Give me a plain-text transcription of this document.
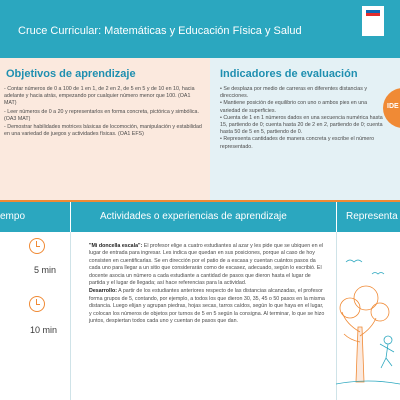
Cruce Curricular: Matemáticas y Educación Física y Salud
Objetivos de aprendizaje
- Contar números de 0 a 100 de 1 en 1, de 2 en 2, de 5 en 5 y de 10 en 10, hacia adelante y hacia atrás, empezando por cualquier número menor que 100. (OA1 MAT)
- Leer números de 0 a 20 y representarlos en forma concreta, pictórica y simbólica. (OA3 MAT)
- Demostrar habilidades motrices básicas de locomoción, manipulación y estabilidad en una variedad de juegos y actividades físicas. (OA1 EFS)
Indicadores de evaluación
• Se desplaza por medio de carreras en diferentes distancias y direcciones.
• Mantiene posición de equilibrio con uno o ambos pies en una variedad de superficies.
• Cuenta de 1 en 1 números dados en una secuencia numérica hasta 15, partiendo de 0; cuenta hasta 20 de 2 en 2, partiendo de 0; cuenta hasta 50 de 5 en 5, partiendo de 0.
• Representa cantidades de manera concreta y escribe el número representado.
IDE
empo	Actividades o experiencias de aprendizaje	Representa
5 min
10 min

"Mi doncella escala": El profesor elige a cuatro estudiantes al azar y les pide que se ubiquen en el lugar de entrada para ingresar. Les indica que quedan en sus posiciones, porque al caso de hoy consisten en cuentificarlas. Se en dirección por el patio de a escasa y cuentan cuántos pasos da cada uno para llegar a un sitio que considerarán como de escasez, adecuado, según lo escribió. El docente asocia un número a cada estudiante a cantidad de pasos que dieron hasta el lugar de partida y el lugar de llegada; así hace referencias para la actividad.

Desarrollo: A partir de los estudiantes anteriores respecto de las distancias alcanzadas, el profesor forma grupos de 5, contando, por ejemplo, a todos los que dieron 30, 35, 45 o 50 pasos en la misma distancia. Luego elijan y agrupan piedras, hojas secas, tarros caídos, según lo que haya en el lugar, y colocan los números de objetos por turnos de 5 en 5 según la consigna. Al terminar, lo que se hizo juntos, despiertan todos cada uno y cuentan de pasos que dan.
